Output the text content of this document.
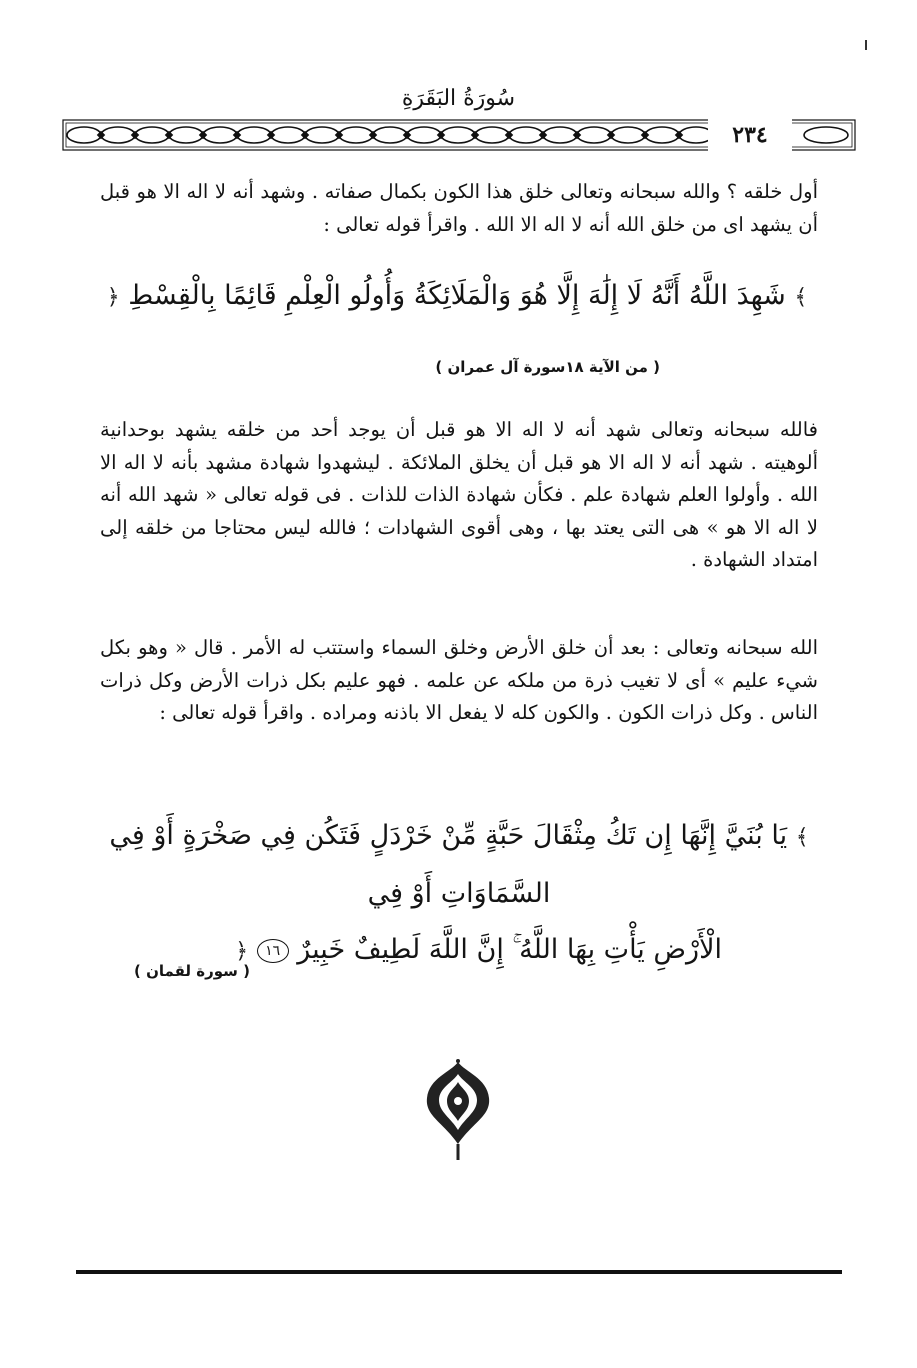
سُورَةُ البَقَرَةِ
٢٣٤

أول خلقه ؟ والله سبحانه وتعالى خلق هذا الكون بكمال صفاته . وشهد أنه لا اله الا هو قبل أن يشهد اى من خلق الله أنه لا اله الا الله . واقرأ قوله تعالى :

﴾ شَهِدَ اللَّهُ أَنَّهُ لَا إِلَٰهَ إِلَّا هُوَ وَالْمَلَائِكَةُ وَأُولُو الْعِلْمِ قَائِمًا بِالْقِسْطِ ﴿
( من الآية ١٨سورة آل عمران )

فالله سبحانه وتعالى شهد أنه لا اله الا هو قبل أن يوجد أحد من خلقه يشهد بوحدانية ألوهيته . شهد أنه لا اله الا هو قبل أن يخلق الملائكة . ليشهدوا شهادة مشهد بأنه لا اله الا الله . وأولوا العلم شهادة علم . فكأن شهادة الذات للذات . فى قوله تعالى « شهد الله أنه لا اله الا هو » هى التى يعتد بها ، وهى أقوى الشهادات ؛ فالله ليس محتاجا من خلقه إلى امتداد الشهادة .

الله سبحانه وتعالى : بعد أن خلق الأرض وخلق السماء واستتب له الأمر . قال « وهو بكل شيء عليم » أى لا تغيب ذرة من ملكه عن علمه . فهو عليم بكل ذرات الأرض وكل ذرات الناس . وكل ذرات الكون . والكون كله لا يفعل الا باذنه ومراده . واقرأ قوله تعالى :

﴾ يَا بُنَيَّ إِنَّهَا إِن تَكُ مِثْقَالَ حَبَّةٍ مِّنْ خَرْدَلٍ فَتَكُن فِي صَخْرَةٍ أَوْ فِي السَّمَاوَاتِ أَوْ فِي
الْأَرْضِ يَأْتِ بِهَا اللَّهُ ۚ إِنَّ اللَّهَ لَطِيفٌ خَبِيرٌ ١٦ ﴿
( سورة لقمان )
